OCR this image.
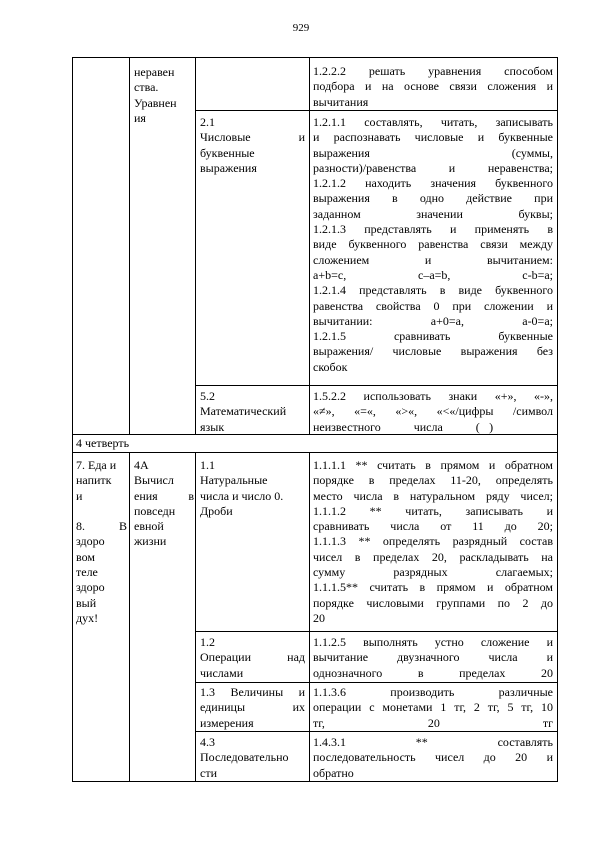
929
неравен
ства.
Уравнен
ия
1.2.2.2 решать уравнения способом
подбора и на основе связи сложения и
вычитания
2.1
Числовые и
буквенные
выражения
1.2.1.1 составлять, читать, записывать
и распознавать числовые и буквенные
выражения (суммы,
разности)/равенства и неравенства;
1.2.1.2 находить значения буквенного
выражения в одно действие при
заданном значении буквы;
1.2.1.3 представлять и применять в
виде буквенного равенства связи между
сложением и вычитанием:
a+b=c, c–a=b, c-b=a;
1.2.1.4 представлять в виде буквенного
равенства свойства 0 при сложении и
вычитании: a+0=a, a-0=a;
1.2.1.5 сравнивать буквенные
выражения/ числовые выражения без
скобок
5.2
Математический
язык
1.5.2.2 использовать знаки «+», «-»,
«≠», «=«, «>«, «<«/цифры /символ
неизвестного числа (⃞)
4 четверть
7. Еда и
напитк
и
8. В
здоро
вом
теле
здоро
вый
дух!
4А
Вычисл
ения в
повседн
евной
жизни
1.1
Натуральные
числа и число 0.
Дроби
1.1.1.1 ** считать в прямом и обратном
порядке в пределах 11-20, определять
место числа в натуральном ряду чисел;
1.1.1.2 ** читать, записывать и
сравнивать числа от 11 до 20;
1.1.1.3 ** определять разрядный состав
чисел в пределах 20, раскладывать на
сумму разрядных слагаемых;
1.1.1.5** считать в прямом и обратном
порядке числовыми группами по 2 до
20
1.2
Операции над
числами
1.1.2.5 выполнять устно сложение и
вычитание двузначного числа и
однозначного в пределах 20
1.3 Величины и
единицы их
измерения
1.1.3.6 производить различные
операции с монетами 1 тг, 2 тг, 5 тг, 10
тг, 20 тг
4.3
Последовательно
сти
1.4.3.1 ** составлять
последовательность чисел до 20 и
обратно
